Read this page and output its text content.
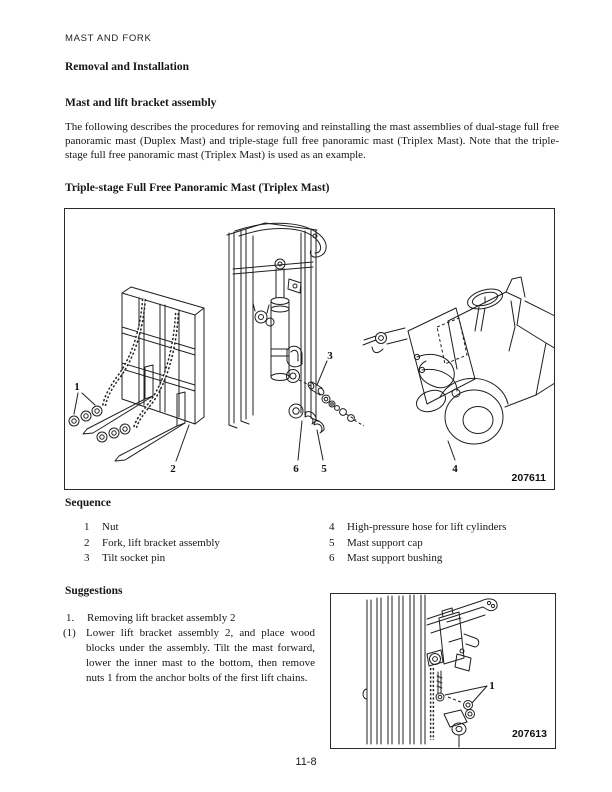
MAST AND FORK
Removal and Installation
Mast and lift bracket assembly
The following describes the procedures for removing and reinstalling the mast assemblies of dual-stage full free panoramic mast (Duplex Mast) and triple-stage full free panoramic mast (Triplex Mast). Note that the triple-stage full free panoramic mast (Triplex Mast) is used as an example.
Triple-stage Full Free Panoramic Mast (Triplex Mast)
1
2
3
6 5	4
207611
Sequence
1 Nut
2 Fork, lift bracket assembly
3 Tilt socket pin
4 High-pressure hose for lift cylinders
5 Mast support cap
6 Mast support bushing
Suggestions
1. Removing lift bracket assembly 2
(1) Lower lift bracket assembly 2, and place wood blocks under the assembly. Tilt the mast forward, lower the inner mast to the bottom, then remove nuts 1 from the anchor bolts of the first lift chains.
1
207613
11-8
